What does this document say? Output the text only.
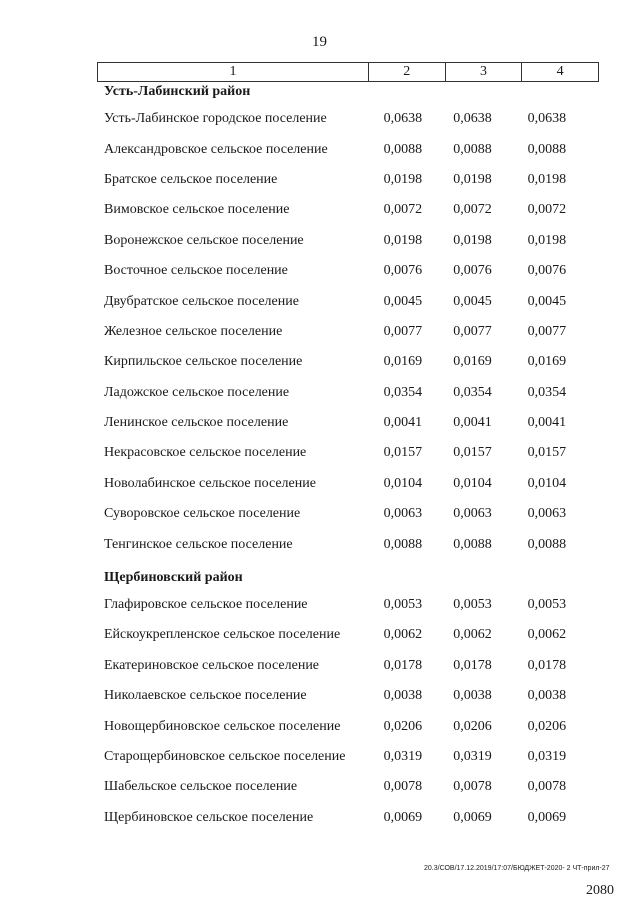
19
1	2	3	4
Усть-Лабинский район
Усть-Лабинское городское поселение	0,0638	0,0638	0,0638
Александровское сельское поселение	0,0088	0,0088	0,0088
Братское сельское поселение	0,0198	0,0198	0,0198
Вимовское сельское поселение	0,0072	0,0072	0,0072
Воронежское сельское поселение	0,0198	0,0198	0,0198
Восточное сельское поселение	0,0076	0,0076	0,0076
Двубратское сельское поселение	0,0045	0,0045	0,0045
Железное сельское поселение	0,0077	0,0077	0,0077
Кирпильское сельское поселение	0,0169	0,0169	0,0169
Ладожское сельское поселение	0,0354	0,0354	0,0354
Ленинское сельское поселение	0,0041	0,0041	0,0041
Некрасовское сельское поселение	0,0157	0,0157	0,0157
Новолабинское сельское поселение	0,0104	0,0104	0,0104
Суворовское сельское поселение	0,0063	0,0063	0,0063
Тенгинское сельское поселение	0,0088	0,0088	0,0088
Щербиновский район
Глафировское сельское поселение	0,0053	0,0053	0,0053
Ейскоукрепленское сельское поселение	0,0062	0,0062	0,0062
Екатериновское сельское поселение	0,0178	0,0178	0,0178
Николаевское сельское поселение	0,0038	0,0038	0,0038
Новощербиновское сельское поселение	0,0206	0,0206	0,0206
Старощербиновское сельское поселение	0,0319	0,0319	0,0319
Шабельское сельское поселение	0,0078	0,0078	0,0078
Щербиновское сельское поселение	0,0069	0,0069	0,0069
20.3/СОВ/17.12.2019/17:07/БЮДЖЕТ-2020- 2 ЧТ-прил-27
2080
